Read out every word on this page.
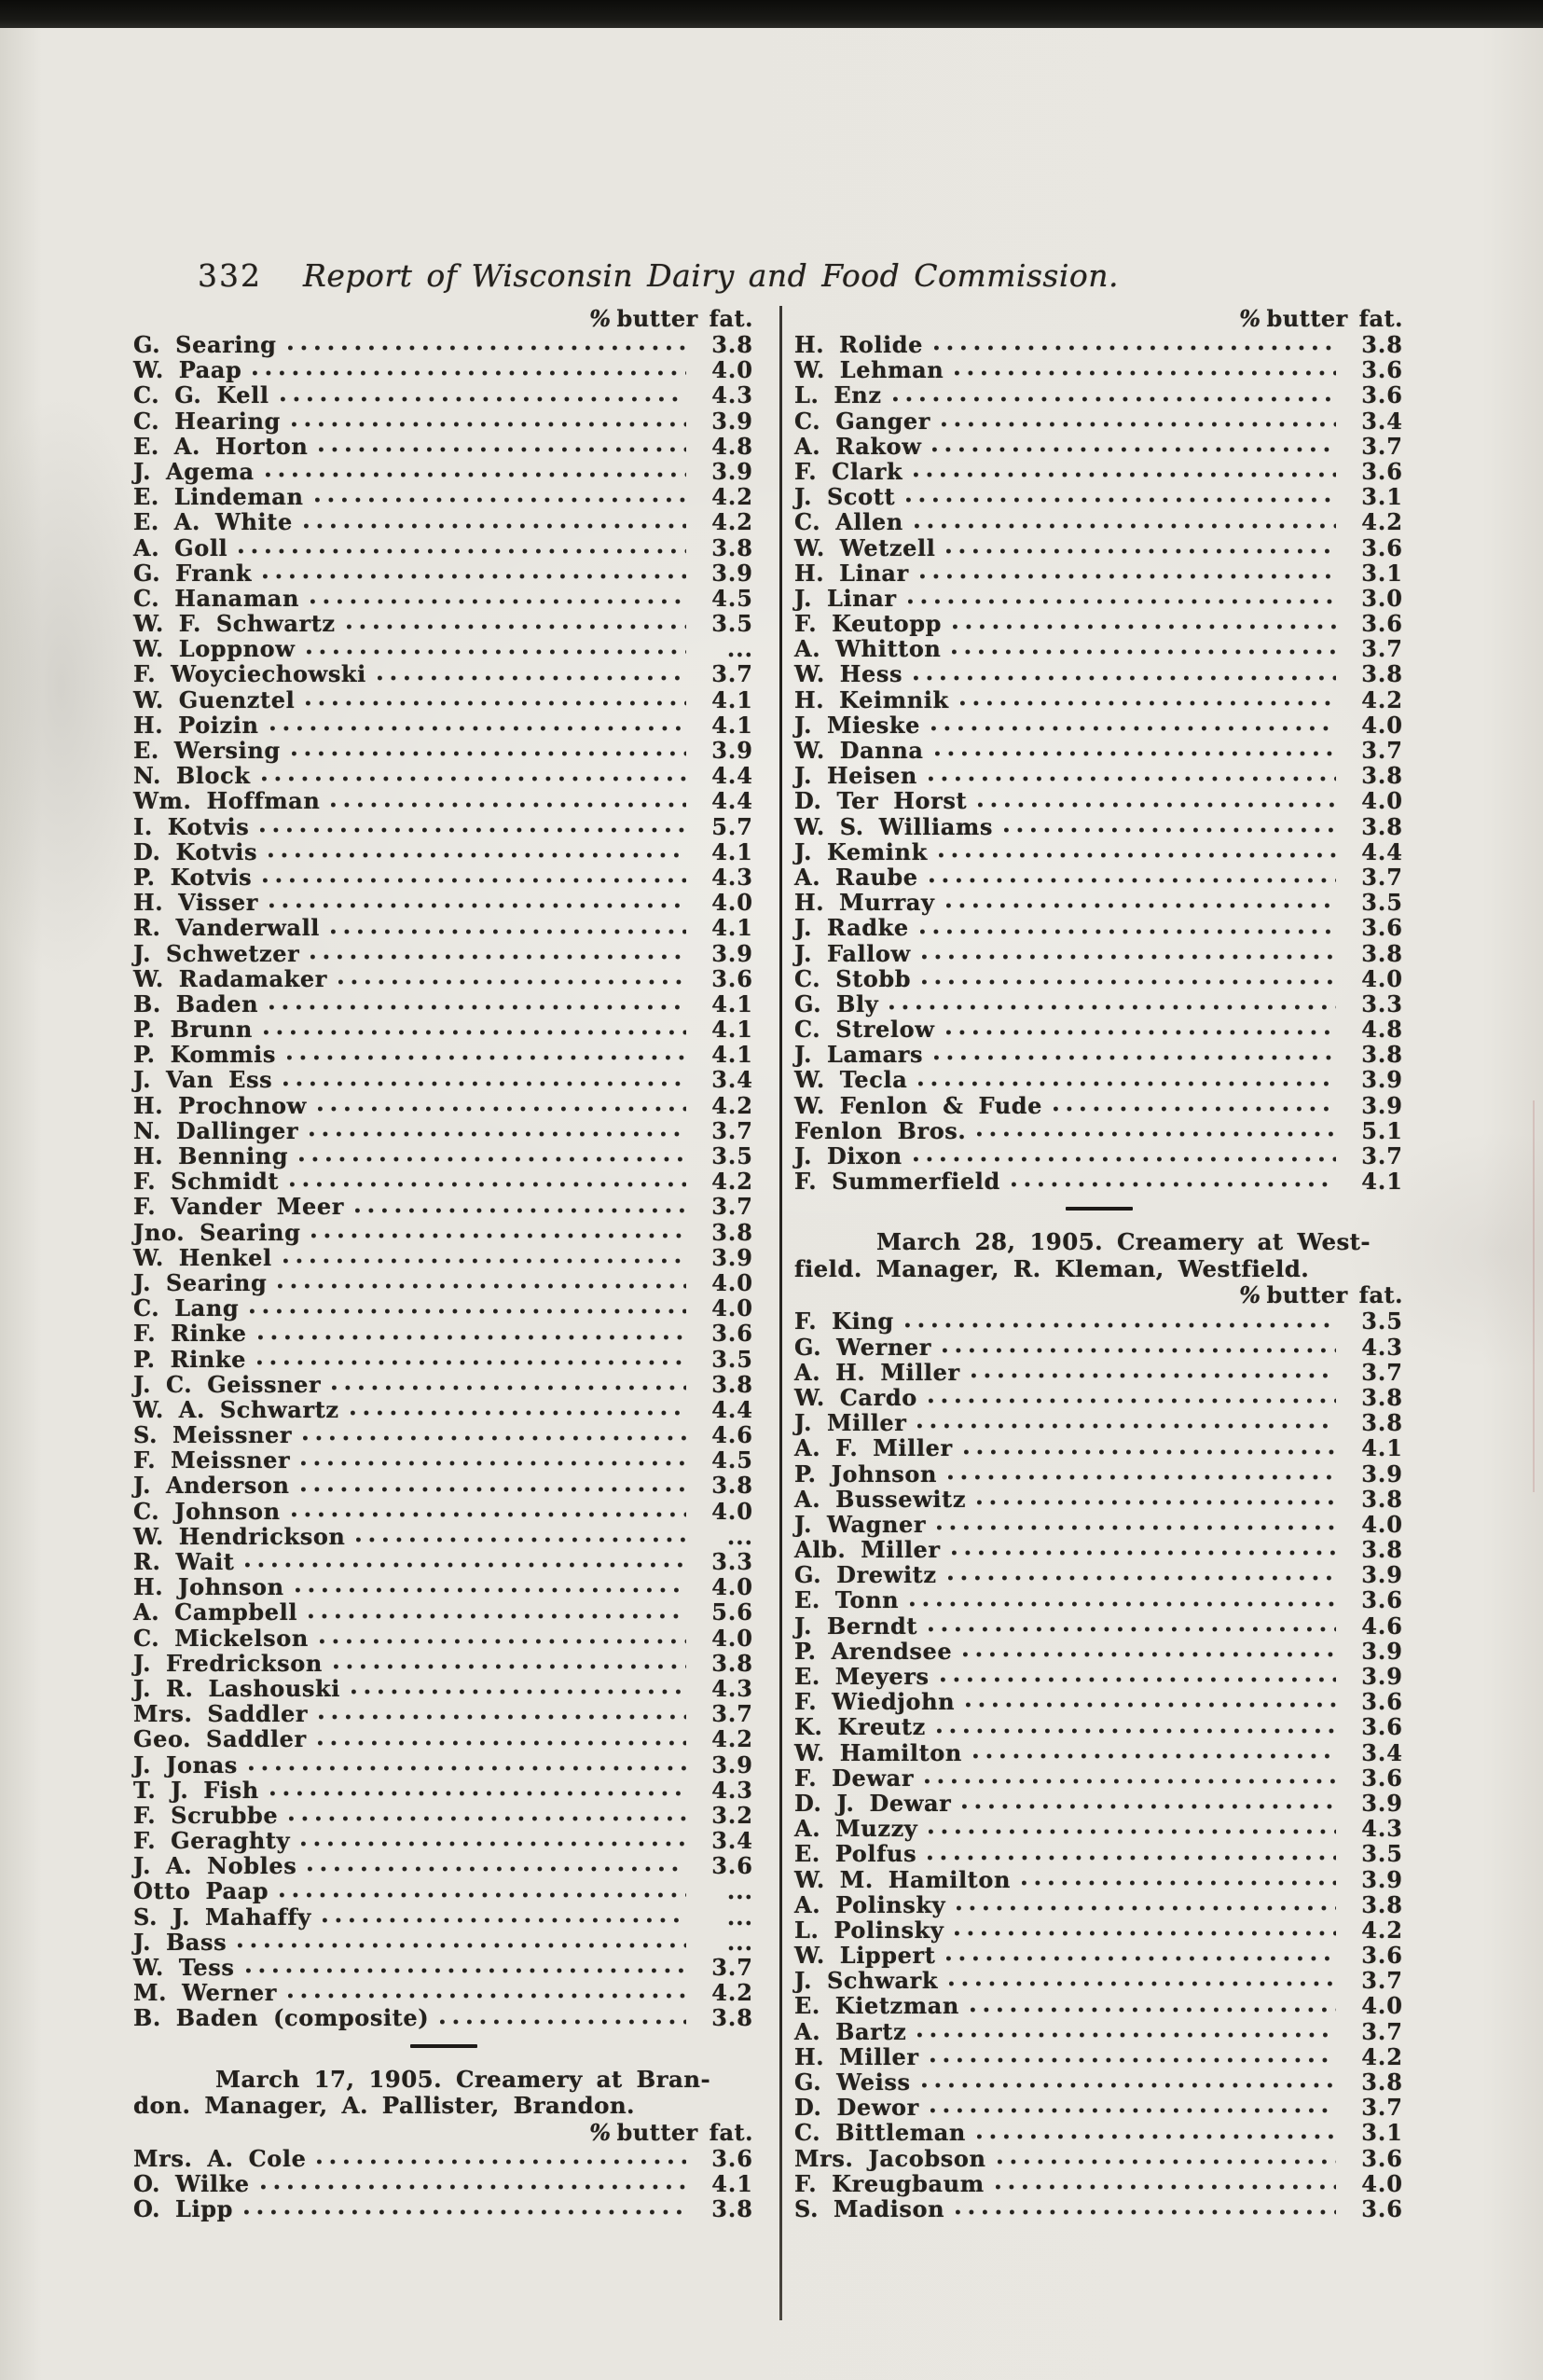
332 Report of Wisconsin Dairy and Food Commission.
% butter fat.
G. Searing	3.8
W. Paap	4.0
C. G. Kell	4.3
C. Hearing	3.9
E. A. Horton	4.8
J. Agema	3.9
E. Lindeman	4.2
E. A. White	4.2
A. Goll	3.8
G. Frank	3.9
C. Hanaman	4.5
W. F. Schwartz	3.5
W. Loppnow	...
F. Woyciechowski	3.7
W. Guenztel	4.1
H. Poizin	4.1
E. Wersing	3.9
N. Block	4.4
Wm. Hoffman	4.4
I. Kotvis	5.7
D. Kotvis	4.1
P. Kotvis	4.3
H. Visser	4.0
R. Vanderwall	4.1
J. Schwetzer	3.9
W. Radamaker	3.6
B. Baden	4.1
P. Brunn	4.1
P. Kommis	4.1
J. Van Ess	3.4
H. Prochnow	4.2
N. Dallinger	3.7
H. Benning	3.5
F. Schmidt	4.2
F. Vander Meer	3.7
Jno. Searing	3.8
W. Henkel	3.9
J. Searing	4.0
C. Lang	4.0
F. Rinke	3.6
P. Rinke	3.5
J. C. Geissner	3.8
W. A. Schwartz	4.4
S. Meissner	4.6
F. Meissner	4.5
J. Anderson	3.8
C. Johnson	4.0
W. Hendrickson	...
R. Wait	3.3
H. Johnson	4.0
A. Campbell	5.6
C. Mickelson	4.0
J. Fredrickson	3.8
J. R. Lashouski	4.3
Mrs. Saddler	3.7
Geo. Saddler	4.2
J. Jonas	3.9
T. J. Fish	4.3
F. Scrubbe	3.2
F. Geraghty	3.4
J. A. Nobles	3.6
Otto Paap	...
S. J. Mahaffy	...
J. Bass	...
W. Tess	3.7
M. Werner	4.2
B. Baden (composite)	3.8
March 17, 1905. Creamery at Bran-
don. Manager, A. Pallister, Brandon.
% butter fat.
Mrs. A. Cole	3.6
O. Wilke	4.1
O. Lipp	3.8
% butter fat.
H. Rolide	3.8
W. Lehman	3.6
L. Enz	3.6
C. Ganger	3.4
A. Rakow	3.7
F. Clark	3.6
J. Scott	3.1
C. Allen	4.2
W. Wetzell	3.6
H. Linar	3.1
J. Linar	3.0
F. Keutopp	3.6
A. Whitton	3.7
W. Hess	3.8
H. Keimnik	4.2
J. Mieske	4.0
W. Danna	3.7
J. Heisen	3.8
D. Ter Horst	4.0
W. S. Williams	3.8
J. Kemink	4.4
A. Raube	3.7
H. Murray	3.5
J. Radke	3.6
J. Fallow	3.8
C. Stobb	4.0
G. Bly	3.3
C. Strelow	4.8
J. Lamars	3.8
W. Tecla	3.9
W. Fenlon & Fude	3.9
Fenlon Bros.	5.1
J. Dixon	3.7
F. Summerfield	4.1
March 28, 1905. Creamery at West-
field. Manager, R. Kleman, Westfield.
% butter fat.
F. King	3.5
G. Werner	4.3
A. H. Miller	3.7
W. Cardo	3.8
J. Miller	3.8
A. F. Miller	4.1
P. Johnson	3.9
A. Bussewitz	3.8
J. Wagner	4.0
Alb. Miller	3.8
G. Drewitz	3.9
E. Tonn	3.6
J. Berndt	4.6
P. Arendsee	3.9
E. Meyers	3.9
F. Wiedjohn	3.6
K. Kreutz	3.6
W. Hamilton	3.4
F. Dewar	3.6
D. J. Dewar	3.9
A. Muzzy	4.3
E. Polfus	3.5
W. M. Hamilton	3.9
A. Polinsky	3.8
L. Polinsky	4.2
W. Lippert	3.6
J. Schwark	3.7
E. Kietzman	4.0
A. Bartz	3.7
H. Miller	4.2
G. Weiss	3.8
D. Dewor	3.7
C. Bittleman	3.1
Mrs. Jacobson	3.6
F. Kreugbaum	4.0
S. Madison	3.6
